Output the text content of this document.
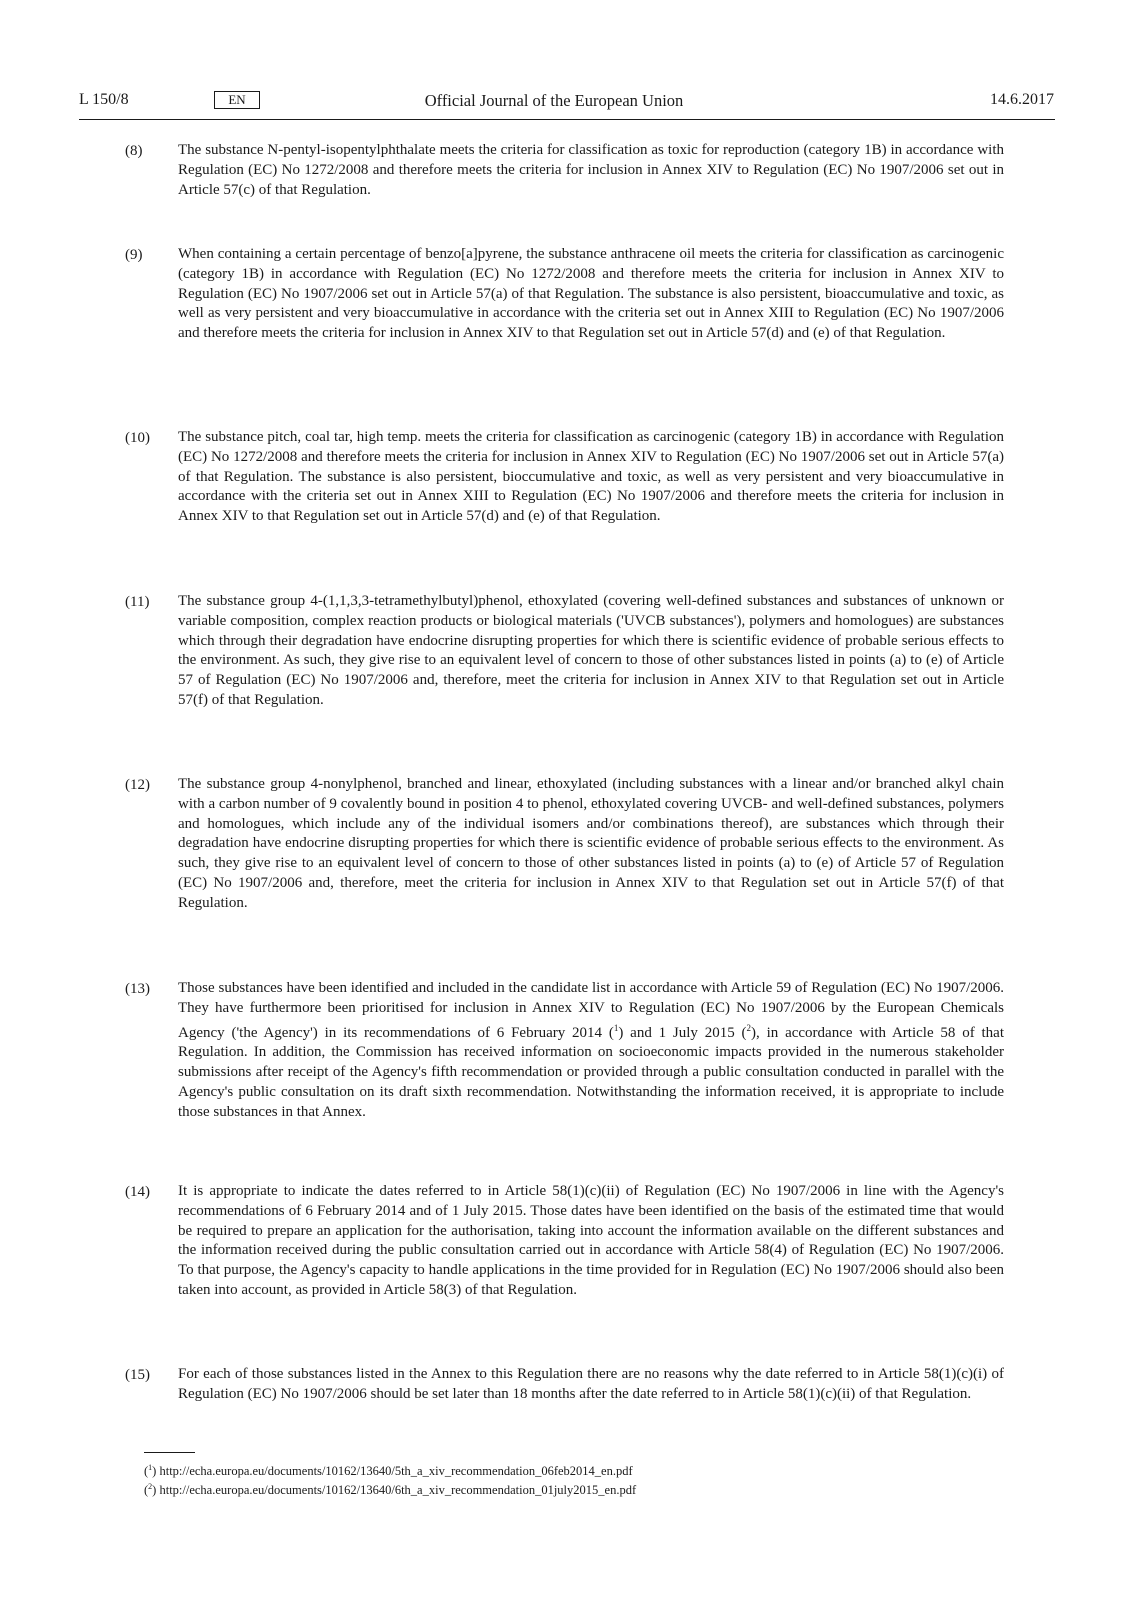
L 150/8	EN	Official Journal of the European Union	14.6.2017
(8) The substance N-pentyl-isopentylphthalate meets the criteria for classification as toxic for reproduction (category 1B) in accordance with Regulation (EC) No 1272/2008 and therefore meets the criteria for inclusion in Annex XIV to Regulation (EC) No 1907/2006 set out in Article 57(c) of that Regulation.

(9) When containing a certain percentage of benzo[a]pyrene, the substance anthracene oil meets the criteria for classification as carcinogenic (category 1B) in accordance with Regulation (EC) No 1272/2008 and therefore meets the criteria for inclusion in Annex XIV to Regulation (EC) No 1907/2006 set out in Article 57(a) of that Regulation. The substance is also persistent, bioaccumulative and toxic, as well as very persistent and very bioaccumulative in accordance with the criteria set out in Annex XIII to Regulation (EC) No 1907/2006 and therefore meets the criteria for inclusion in Annex XIV to that Regulation set out in Article 57(d) and (e) of that Regulation.

(10) The substance pitch, coal tar, high temp. meets the criteria for classification as carcinogenic (category 1B) in accordance with Regulation (EC) No 1272/2008 and therefore meets the criteria for inclusion in Annex XIV to Regulation (EC) No 1907/2006 set out in Article 57(a) of that Regulation. The substance is also persistent, bioccumulative and toxic, as well as very persistent and very bioaccumulative in accordance with the criteria set out in Annex XIII to Regulation (EC) No 1907/2006 and therefore meets the criteria for inclusion in Annex XIV to that Regulation set out in Article 57(d) and (e) of that Regulation.

(11) The substance group 4-(1,1,3,3-tetramethylbutyl)phenol, ethoxylated (covering well-defined substances and substances of unknown or variable composition, complex reaction products or biological materials ('UVCB substances'), polymers and homologues) are substances which through their degradation have endocrine disrupting properties for which there is scientific evidence of probable serious effects to the environment. As such, they give rise to an equivalent level of concern to those of other substances listed in points (a) to (e) of Article 57 of Regulation (EC) No 1907/2006 and, therefore, meet the criteria for inclusion in Annex XIV to that Regulation set out in Article 57(f) of that Regulation.

(12) The substance group 4-nonylphenol, branched and linear, ethoxylated (including substances with a linear and/or branched alkyl chain with a carbon number of 9 covalently bound in position 4 to phenol, ethoxylated covering UVCB- and well-defined substances, polymers and homologues, which include any of the individual isomers and/or combinations thereof), are substances which through their degradation have endocrine disrupting properties for which there is scientific evidence of probable serious effects to the environment. As such, they give rise to an equivalent level of concern to those of other substances listed in points (a) to (e) of Article 57 of Regulation (EC) No 1907/2006 and, therefore, meet the criteria for inclusion in Annex XIV to that Regulation set out in Article 57(f) of that Regulation.

(13) Those substances have been identified and included in the candidate list in accordance with Article 59 of Regulation (EC) No 1907/2006. They have furthermore been prioritised for inclusion in Annex XIV to Regulation (EC) No 1907/2006 by the European Chemicals Agency ('the Agency') in its recommendations of 6 February 2014 ($^1$) and 1 July 2015 ($^2$), in accordance with Article 58 of that Regulation. In addition, the Commission has received information on socioeconomic impacts provided in the numerous stakeholder submissions after receipt of the Agency's fifth recommendation or provided through a public consultation conducted in parallel with the Agency's public consultation on its draft sixth recommendation. Notwithstanding the information received, it is appropriate to include those substances in that Annex.

(14) It is appropriate to indicate the dates referred to in Article 58(1)(c)(ii) of Regulation (EC) No 1907/2006 in line with the Agency's recommendations of 6 February 2014 and of 1 July 2015. Those dates have been identified on the basis of the estimated time that would be required to prepare an application for the authorisation, taking into account the information available on the different substances and the information received during the public consultation carried out in accordance with Article 58(4) of Regulation (EC) No 1907/2006. To that purpose, the Agency's capacity to handle applications in the time provided for in Regulation (EC) No 1907/2006 should also been taken into account, as provided in Article 58(3) of that Regulation.

(15) For each of those substances listed in the Annex to this Regulation there are no reasons why the date referred to in Article 58(1)(c)(i) of Regulation (EC) No 1907/2006 should be set later than 18 months after the date referred to in Article 58(1)(c)(ii) of that Regulation.

($^1$) http://echa.europa.eu/documents/10162/13640/5th_a_xiv_recommendation_06feb2014_en.pdf
($^2$) http://echa.europa.eu/documents/10162/13640/6th_a_xiv_recommendation_01july2015_en.pdf
